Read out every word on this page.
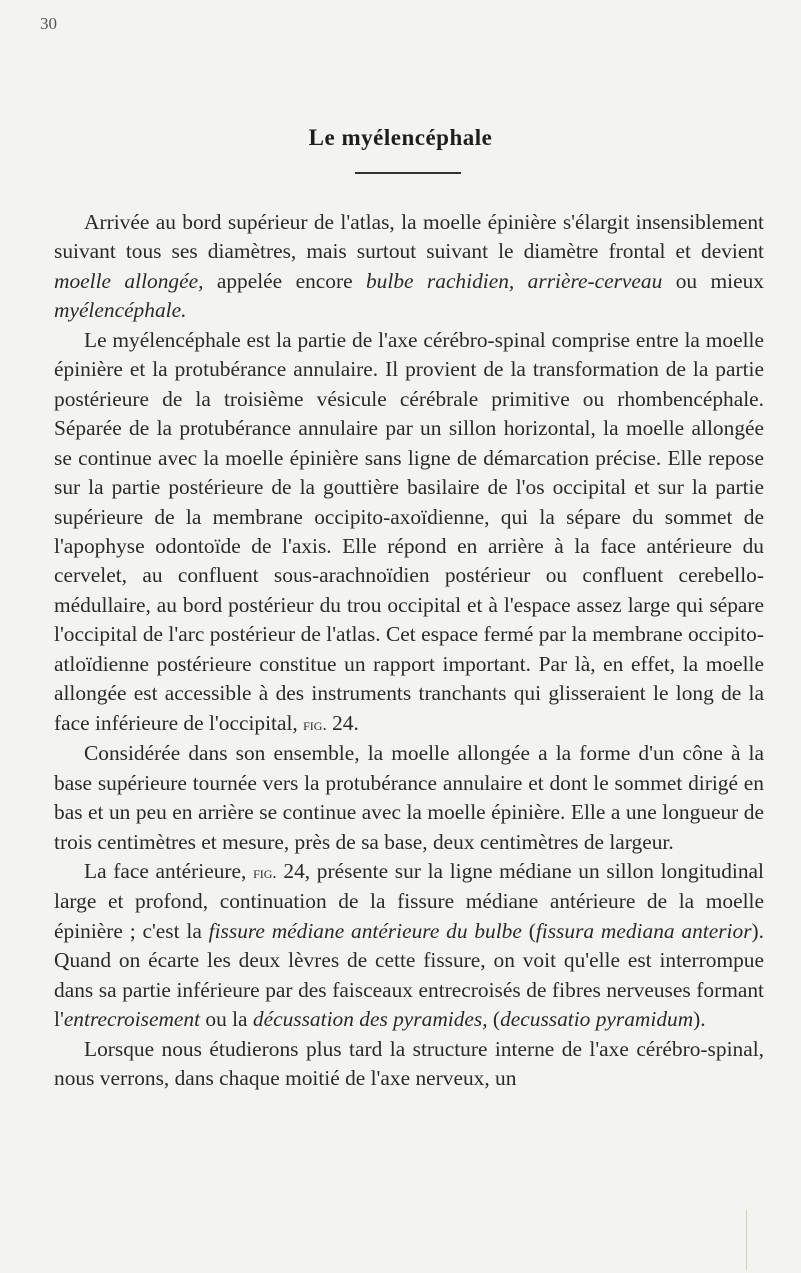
30
Le myélencéphale

Arrivée au bord supérieur de l'atlas, la moelle épinière s'élargit insensiblement suivant tous ses diamètres, mais surtout suivant le diamètre frontal et devient moelle allongée, appelée encore bulbe rachidien, arrière-cerveau ou mieux myélencéphale.

Le myélencéphale est la partie de l'axe cérébro-spinal comprise entre la moelle épinière et la protubérance annulaire. Il provient de la transformation de la partie postérieure de la troisième vésicule cérébrale primitive ou rhombencéphale. Séparée de la protubérance annulaire par un sillon horizontal, la moelle allongée se continue avec la moelle épinière sans ligne de démarcation précise. Elle repose sur la partie postérieure de la gouttière basilaire de l'os occipital et sur la partie supérieure de la membrane occipito-axoïdienne, qui la sépare du sommet de l'apophyse odontoïde de l'axis. Elle répond en arrière à la face antérieure du cervelet, au confluent sous-arachnoïdien postérieur ou confluent cerebello-médullaire, au bord postérieur du trou occipital et à l'espace assez large qui sépare l'occipital de l'arc postérieur de l'atlas. Cet espace fermé par la membrane occipito-atloïdienne postérieure constitue un rapport important. Par là, en effet, la moelle allongée est accessible à des instruments tranchants qui glisseraient le long de la face inférieure de l'occipital, fig. 24.

Considérée dans son ensemble, la moelle allongée a la forme d'un cône à la base supérieure tournée vers la protubérance annulaire et dont le sommet dirigé en bas et un peu en arrière se continue avec la moelle épinière. Elle a une longueur de trois centimètres et mesure, près de sa base, deux centimètres de largeur.

La face antérieure, fig. 24, présente sur la ligne médiane un sillon longitudinal large et profond, continuation de la fissure médiane antérieure de la moelle épinière ; c'est la fissure médiane antérieure du bulbe (fissura mediana anterior). Quand on écarte les deux lèvres de cette fissure, on voit qu'elle est interrompue dans sa partie inférieure par des faisceaux entrecroisés de fibres nerveuses formant l'entrecroisement ou la décussation des pyramides, (decussatio pyramidum).

Lorsque nous étudierons plus tard la structure interne de l'axe cérébro-spinal, nous verrons, dans chaque moitié de l'axe nerveux, un
